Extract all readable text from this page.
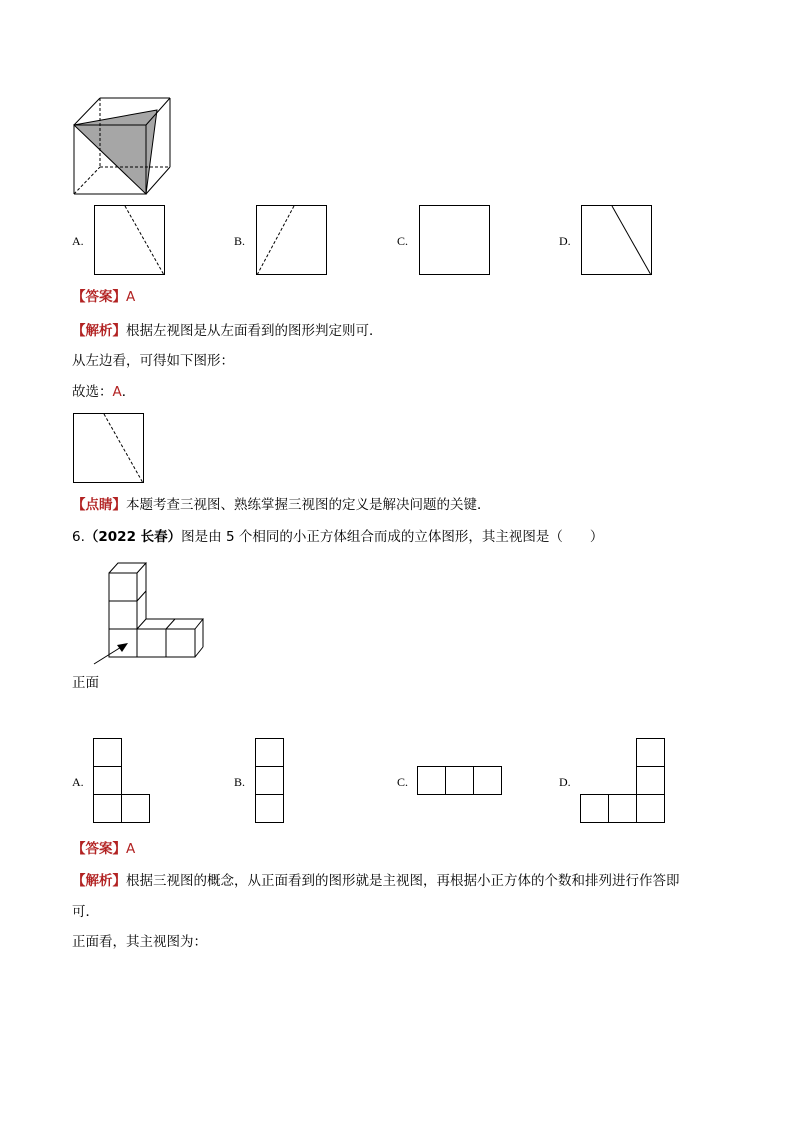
A.	B.	C.	D.
【答案】A
【解析】根据左视图是从左面看到的图形判定则可．
从左边看，可得如下图形：
故选：A．
【点睛】本题考查三视图、熟练掌握三视图的定义是解决问题的关键．
6.（2022 长春）图是由 5 个相同的小正方体组合而成的立体图形，其主视图是（　　）
正面
A.	B.	C.	D.
【答案】A
【解析】根据三视图的概念，从正面看到的图形就是主视图，再根据小正方体的个数和排列进行作答即
可．
正面看，其主视图为：
